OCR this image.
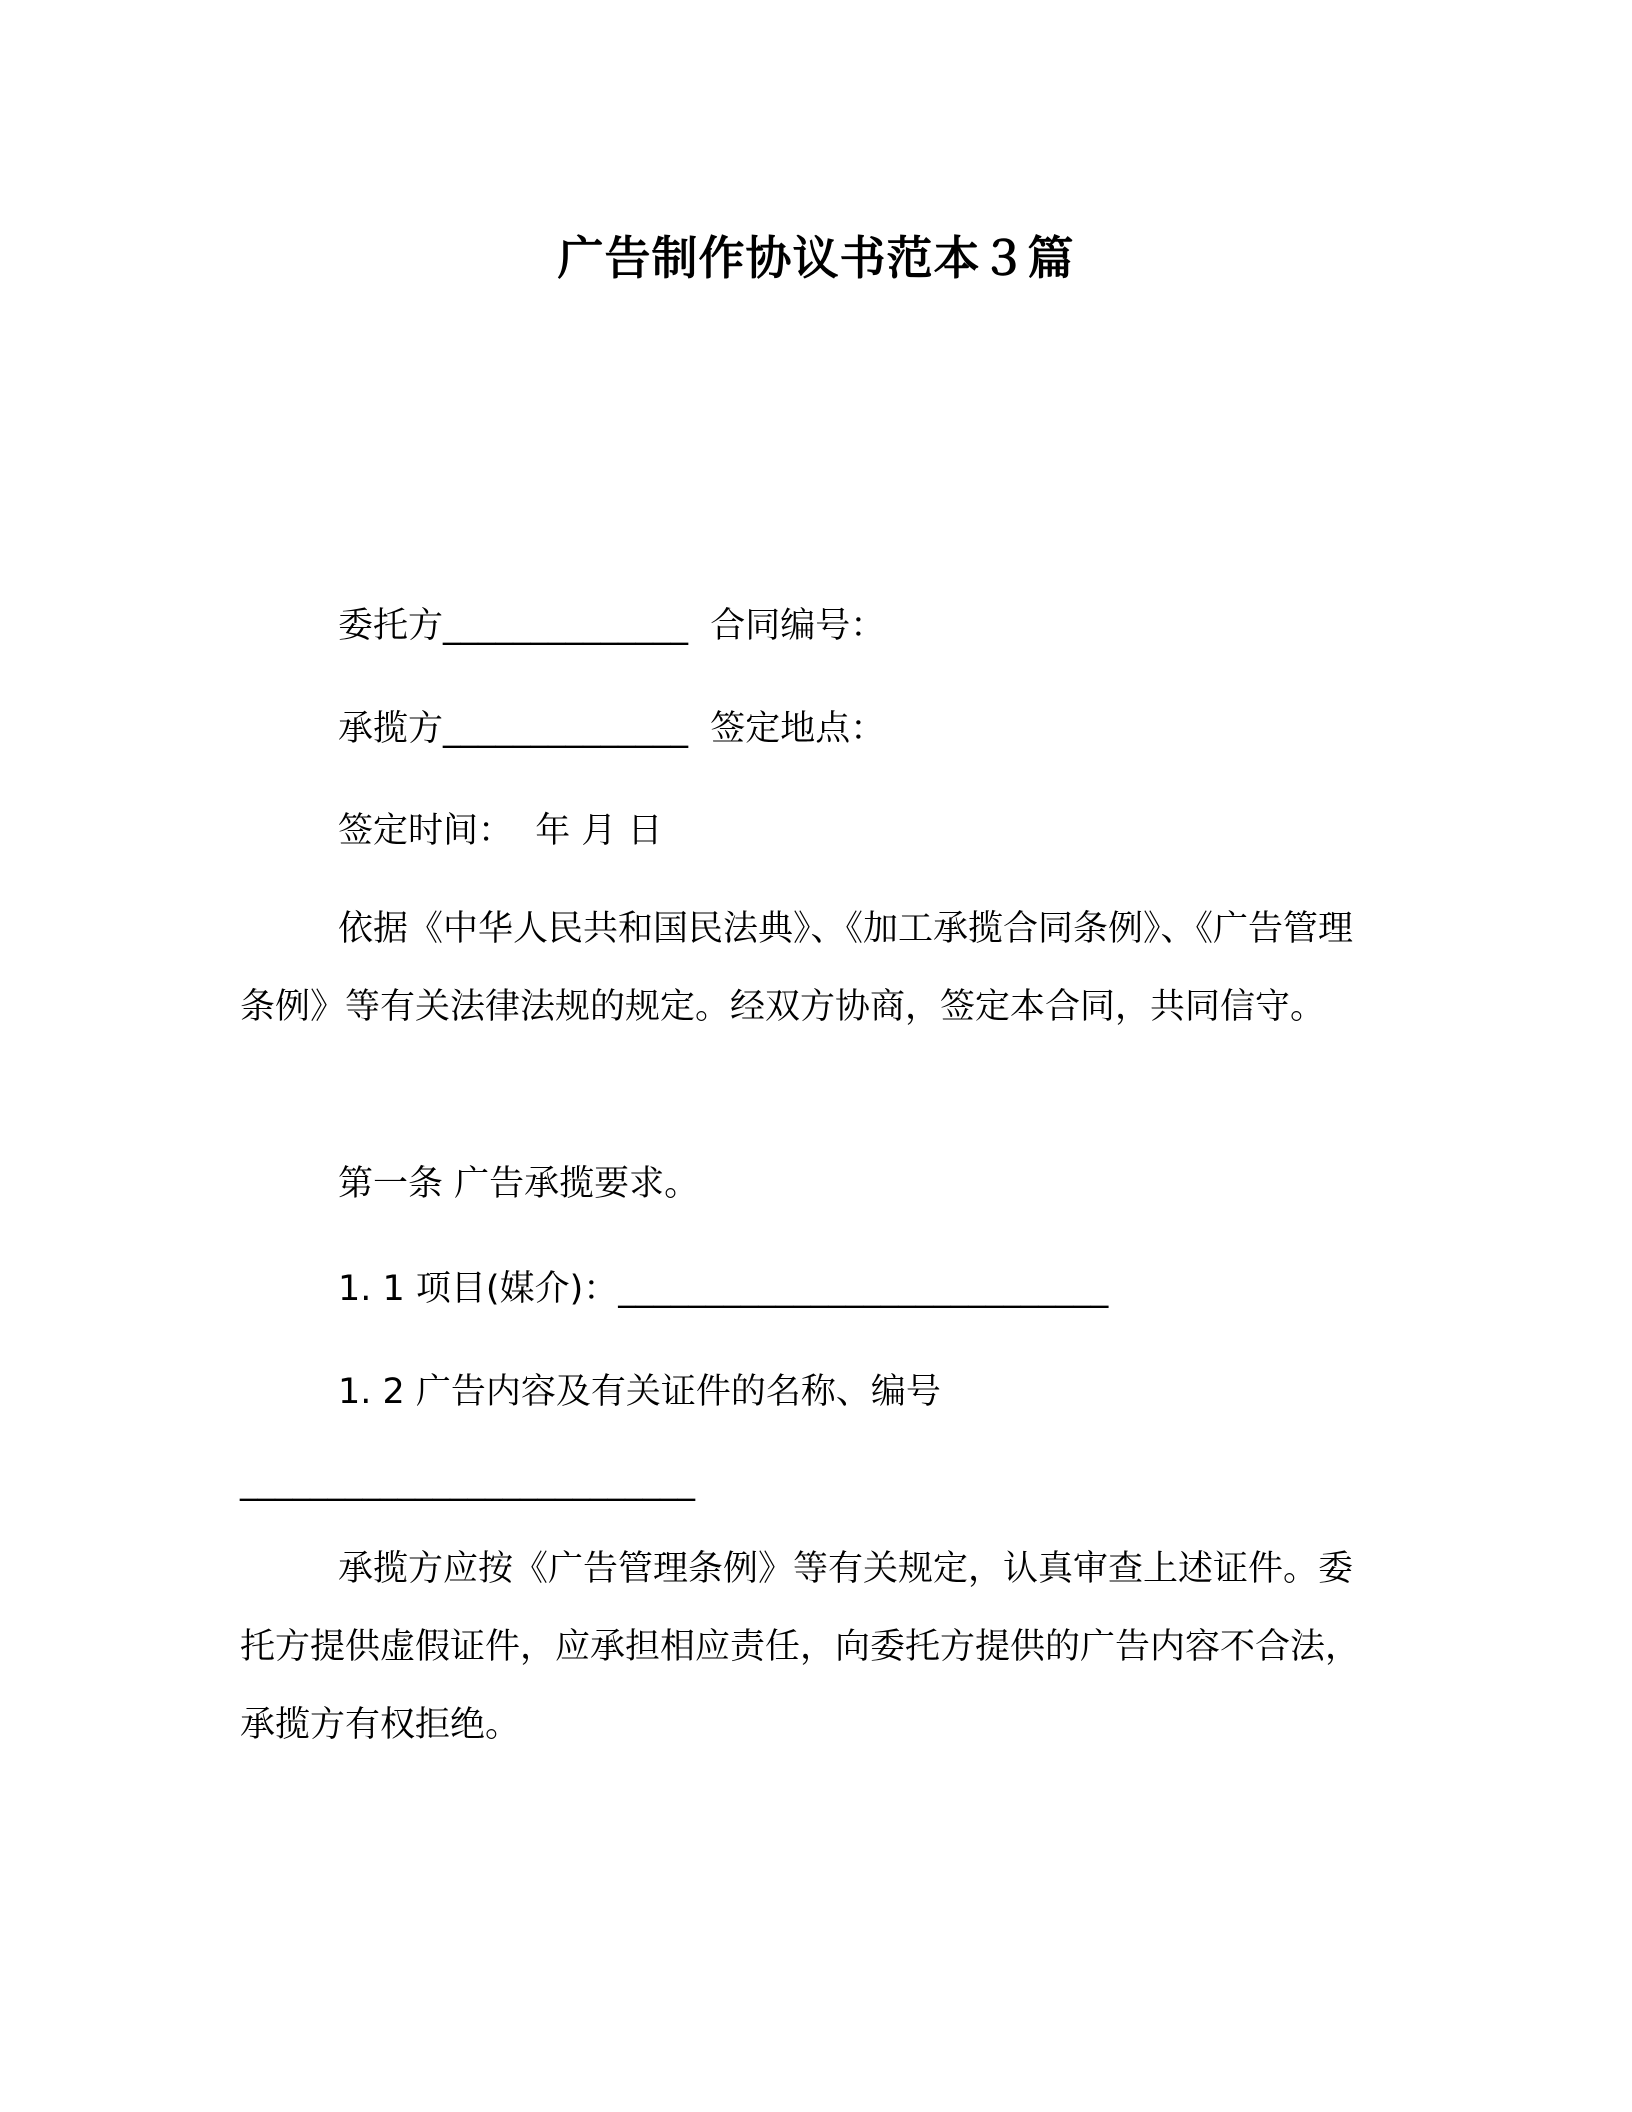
广告制作协议书范本３篇

委托方______________  合同编号：

承揽方______________  签定地点：

签定时间：  年 月 日

依据《中华人民共和国民法典》、《加工承揽合同条例》、《广告管理条例》等有关法律法规的规定。经双方协商，签定本合同，共同信守。

第一条 广告承揽要求。

1. 1 项目(媒介)：____________________________

1. 2 广告内容及有关证件的名称、编号

__________________________

承揽方应按《广告管理条例》等有关规定，认真审查上述证件。委托方提供虚假证件，应承担相应责任，向委托方提供的广告内容不合法，承揽方有权拒绝。
